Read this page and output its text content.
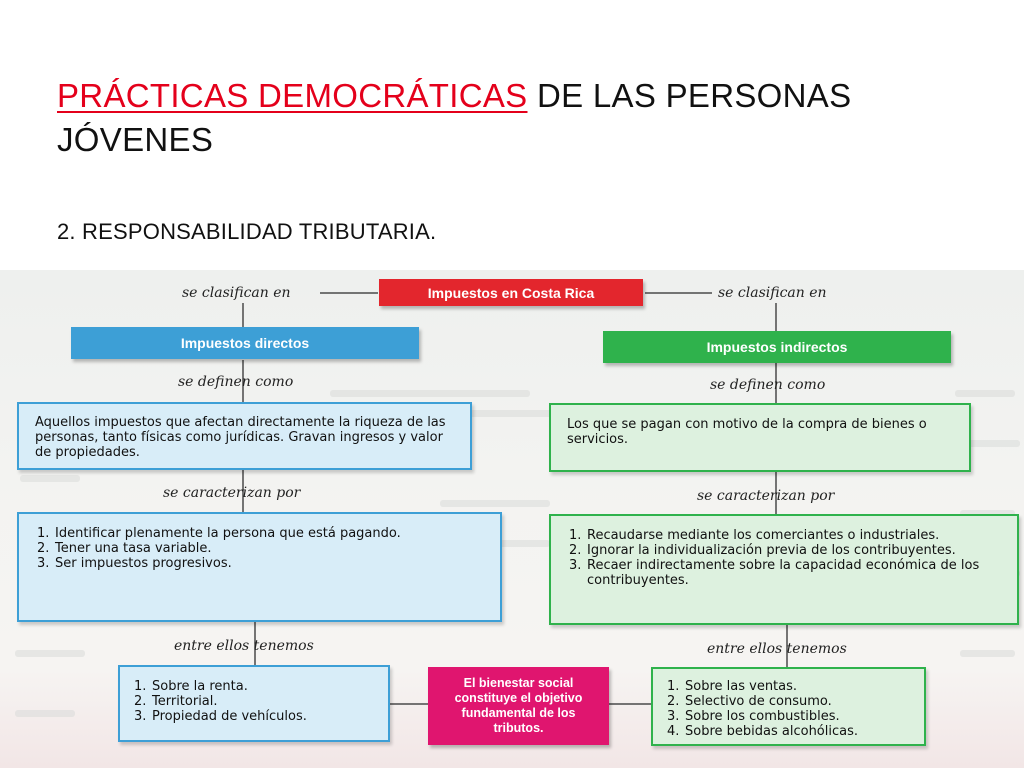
PRÁCTICAS DEMOCRÁTICAS DE LAS PERSONAS
JÓVENES
2. RESPONSABILIDAD TRIBUTARIA.
se clasifican en	se clasifican en
se definen como	se definen como
se caracterizan por	se caracterizan por
entre ellos tenemos	entre ellos tenemos
Impuestos en Costa Rica
Impuestos directos	Impuestos indirectos
Aquellos impuestos que afectan directamente la riqueza de las personas, tanto físicas como jurídicas. Gravan ingresos y valor de propiedades.
Los que se pagan con motivo de la compra de bienes o servicios.
1. Identificar plenamente la persona que está pagando.
2. Tener una tasa variable.
3. Ser impuestos progresivos.
1. Recaudarse mediante los comerciantes o industriales.
2. Ignorar la individualización previa de los contribuyentes.
3. Recaer indirectamente sobre la capacidad económica de los contribuyentes.
1. Sobre la renta.
2. Territorial.
3. Propiedad de vehículos.
El bienestar social constituye el objetivo fundamental de los tributos.
1. Sobre las ventas.
2. Selectivo de consumo.
3. Sobre los combustibles.
4. Sobre bebidas alcohólicas.
